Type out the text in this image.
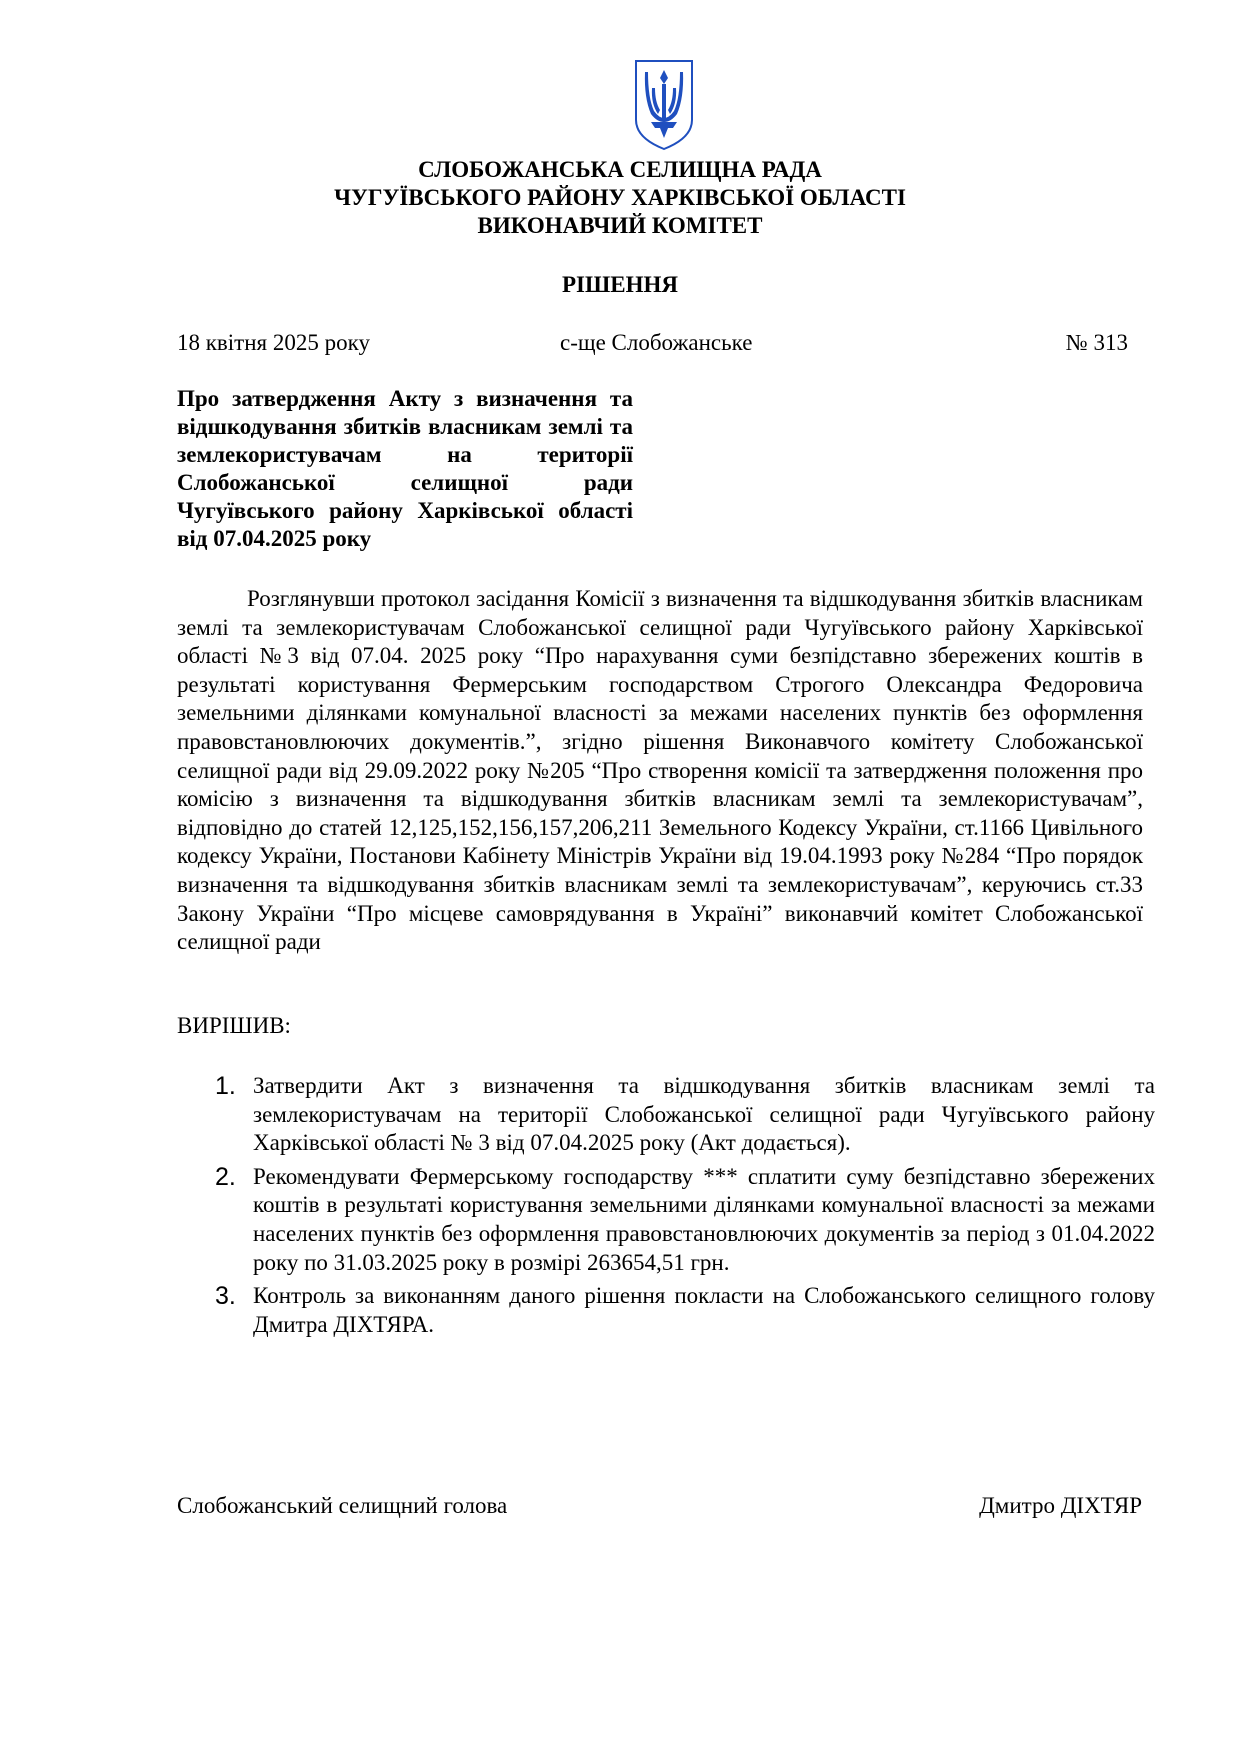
СЛОБОЖАНСЬКА СЕЛИЩНА РАДА
ЧУГУЇВСЬКОГО РАЙОНУ ХАРКІВСЬКОЇ ОБЛАСТІ
ВИКОНАВЧИЙ КОМІТЕТ
РІШЕННЯ
18 квітня 2025 року	с-ще Слобожанське	№ 313
Про затвердження Акту з визначення та відшкодування збитків власникам землі та землекористувачам на території Слобожанської селищної ради Чугуївського району Харківської області від 07.04.2025 року
Розглянувши протокол засідання Комісії з визначення та відшкодування збитків власникам землі та землекористувачам Слобожанської селищної ради Чугуївського району Харківської області №3 від 07.04. 2025 року “Про нарахування суми безпідставно збережених коштів в результаті користування Фермерським господарством Строгого Олександра Федоровича земельними ділянками комунальної власності за межами населених пунктів без оформлення правовстановлюючих документів.”, згідно рішення Виконавчого комітету Слобожанської селищної ради від 29.09.2022 року №205 “Про створення комісії та затвердження положення про комісію з визначення та відшкодування збитків власникам землі та землекористувачам”, відповідно до статей 12,125,152,156,157,206,211 Земельного Кодексу України, ст.1166 Цивільного кодексу України, Постанови Кабінету Міністрів України від 19.04.1993 року №284 “Про порядок визначення та відшкодування збитків власникам землі та землекористувачам”, керуючись ст.33 Закону України “Про місцеве самоврядування в Україні” виконавчий комітет Слобожанської селищної ради
ВИРІШИВ:
1. Затвердити Акт з визначення та відшкодування збитків власникам землі та землекористувачам на території Слобожанської селищної ради Чугуївського району Харківської області № 3 від 07.04.2025 року (Акт додається).
2. Рекомендувати Фермерському господарству *** сплатити суму безпідставно збережених коштів в результаті користування земельними ділянками комунальної власності за межами населених пунктів без оформлення правовстановлюючих документів за період з 01.04.2022 року по 31.03.2025 року в розмірі 263654,51 грн.
3. Контроль за виконанням даного рішення покласти на Слобожанського селищного голову Дмитра ДІХТЯРА.
Слобожанський селищний голова	Дмитро ДІХТЯР
